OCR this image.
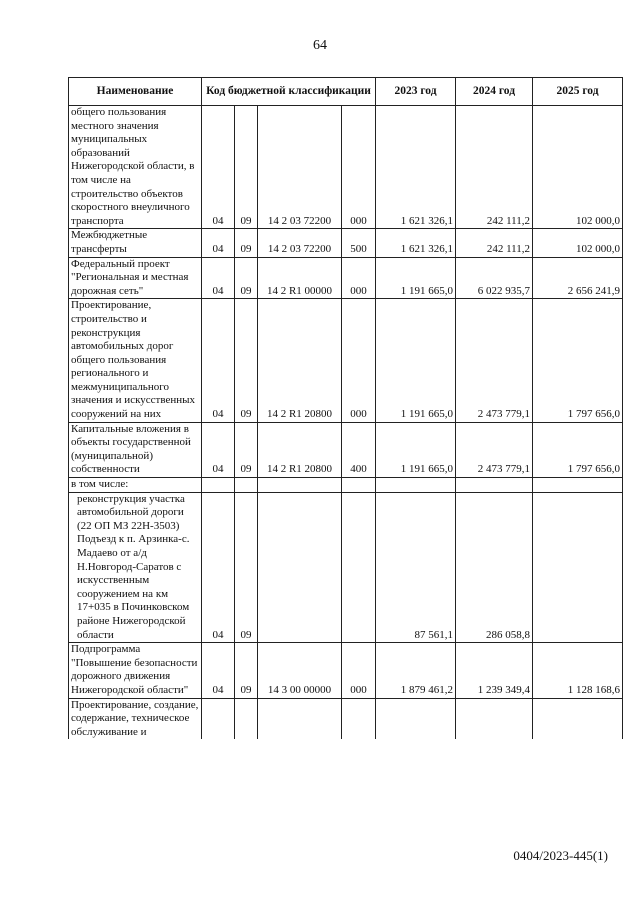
64
Наименование	Код бюджетной классификации				2023 год	2024 год	2025 год
общего пользования местного значения муниципальных образований Нижегородской области, в том числе на строительство объектов скоростного внеуличного транспорта	04	09	14 2 03 72200	000	1 621 326,1	242 111,2	102 000,0
Межбюджетные трансферты	04	09	14 2 03 72200	500	1 621 326,1	242 111,2	102 000,0
Федеральный проект "Региональная и местная дорожная сеть"	04	09	14 2 R1 00000	000	1 191 665,0	6 022 935,7	2 656 241,9
Проектирование, строительство и реконструкция автомобильных дорог общего пользования регионального и межмуниципального значения и искусственных сооружений на них	04	09	14 2 R1 20800	000	1 191 665,0	2 473 779,1	1 797 656,0
Капитальные вложения в объекты государственной (муниципальной) собственности	04	09	14 2 R1 20800	400	1 191 665,0	2 473 779,1	1 797 656,0
в том числе:							
реконструкция участка автомобильной дороги (22 ОП МЗ 22Н-3503) Подъезд к п. Арзинка-с. Мадаево от а/д Н.Новгород-Саратов с искусственным сооружением на км 17+035 в Починковском районе Нижегородской области	04	09			87 561,1	286 058,8	
Подпрограмма "Повышение безопасности дорожного движения Нижегородской области"	04	09	14 3 00 00000	000	1 879 461,2	1 239 349,4	1 128 168,6
Проектирование, создание, содержание, техническое обслуживание и							
0404/2023-445(1)
